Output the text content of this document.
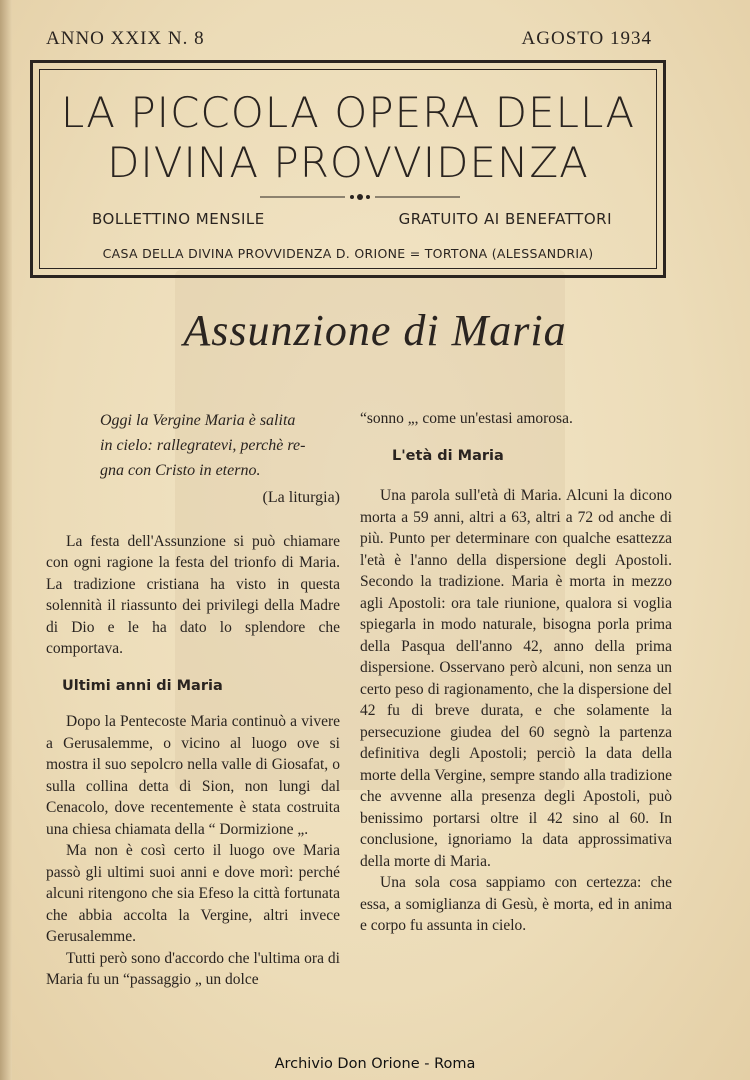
ANNO XXIX N. 8	AGOSTO 1934
LA PICCOLA OPERA DELLA
DIVINA PROVVIDENZA
BOLLETTINO MENSILE	GRATUITO AI BENEFATTORI
CASA DELLA DIVINA PROVVIDENZA D. ORIONE = TORTONA (ALESSANDRIA)
Assunzione di Maria
Oggi la Vergine Maria è salita
in cielo: rallegratevi, perchè re-
gna con Cristo in eterno.
(La liturgia)

La festa dell'Assunzione si può chiamare con ogni ragione la festa del trionfo di Maria. La tradizione cristiana ha visto in questa solennità il riassunto dei privilegi della Madre di Dio e le ha dato lo splendore che comportava.

Ultimi anni di Maria

Dopo la Pentecoste Maria continuò a vivere a Gerusalemme, o vicino al luogo ove si mostra il suo sepolcro nella valle di Giosafat, o sulla collina detta di Sion, non lungi dal Cenacolo, dove recentemente è stata costruita una chiesa chiamata della “ Dormizione „.

Ma non è così certo il luogo ove Maria passò gli ultimi suoi anni e dove morì: perché alcuni ritengono che sia Efeso la città fortunata che abbia accolta la Vergine, altri invece Gerusalemme.

Tutti però sono d'accordo che l'ultima ora di Maria fu un “passaggio „ un dolce

“sonno „, come un'estasi amorosa.
L'età di Maria

Una parola sull'età di Maria. Alcuni la dicono morta a 59 anni, altri a 63, altri a 72 od anche di più. Punto per determinare con qualche esattezza l'età è l'anno della dispersione degli Apostoli. Secondo la tradizione. Maria è morta in mezzo agli Apostoli: ora tale riunione, qualora si voglia spiegarla in modo naturale, bisogna porla prima della Pasqua dell'anno 42, anno della prima dispersione. Osservano però alcuni, non senza un certo peso di ragionamento, che la dispersione del 42 fu di breve durata, e che solamente la persecuzione giudea del 60 segnò la partenza definitiva degli Apostoli; perciò la data della morte della Vergine, sempre stando alla tradizione che avvenne alla presenza degli Apostoli, può benissimo portarsi oltre il 42 sino al 60. In conclusione, ignoriamo la data approssimativa della morte di Maria.

Una sola cosa sappiamo con certezza: che essa, a somiglianza di Gesù, è morta, ed in anima e corpo fu assunta in cielo.

Archivio Don Orione - Roma
